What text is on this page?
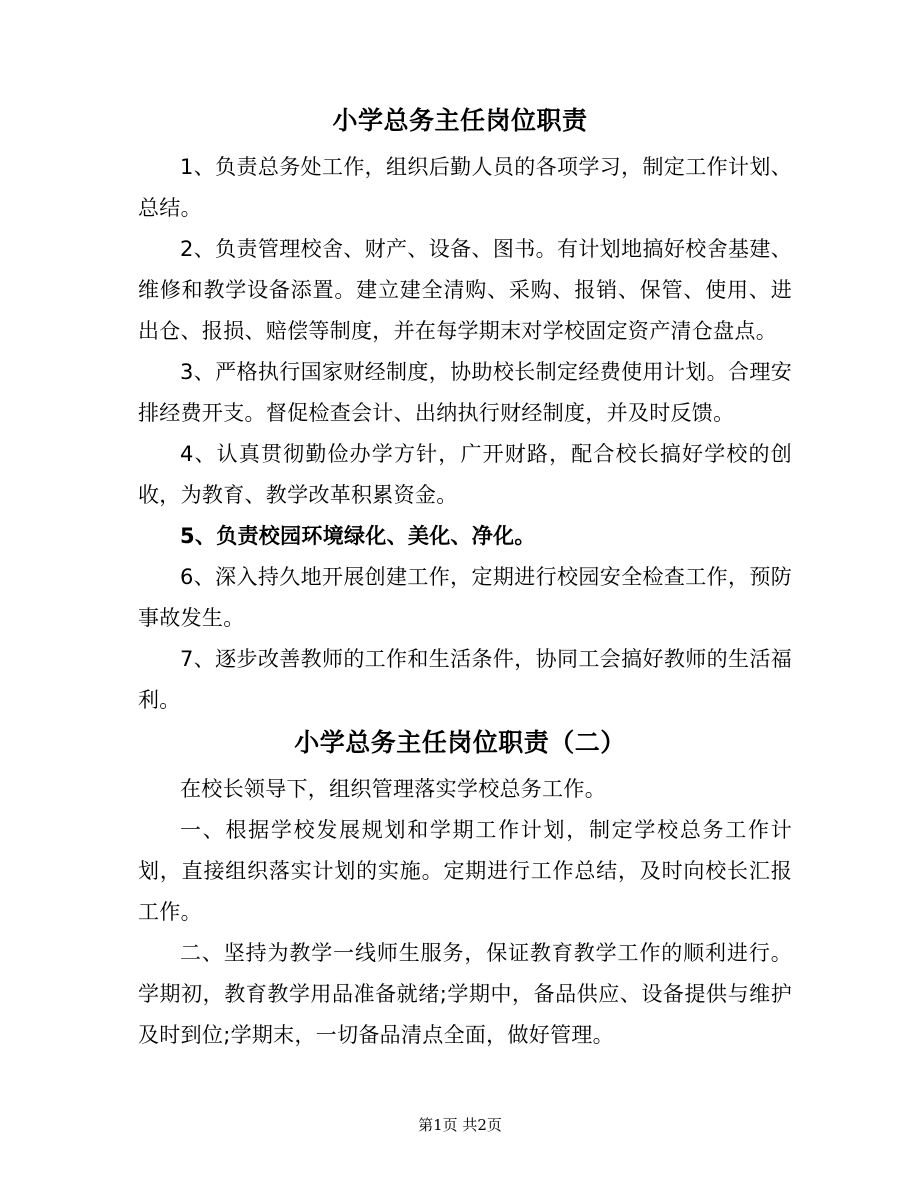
小学总务主任岗位职责
1、负责总务处工作，组织后勤人员的各项学习，制定工作计划、总结。
2、负责管理校舍、财产、设备、图书。有计划地搞好校舍基建、维修和教学设备添置。建立建全清购、采购、报销、保管、使用、进出仓、报损、赔偿等制度，并在每学期末对学校固定资产清仓盘点。
3、严格执行国家财经制度，协助校长制定经费使用计划。合理安排经费开支。督促检查会计、出纳执行财经制度，并及时反馈。
4、认真贯彻勤俭办学方针，广开财路，配合校长搞好学校的创收，为教育、教学改革积累资金。
5、负责校园环境绿化、美化、净化。
6、深入持久地开展创建工作，定期进行校园安全检查工作，预防事故发生。
7、逐步改善教师的工作和生活条件，协同工会搞好教师的生活福利。
小学总务主任岗位职责（二）
在校长领导下，组织管理落实学校总务工作。
一、根据学校发展规划和学期工作计划，制定学校总务工作计划，直接组织落实计划的实施。定期进行工作总结，及时向校长汇报工作。
二、坚持为教学一线师生服务，保证教育教学工作的顺利进行。学期初，教育教学用品准备就绪;学期中，备品供应、设备提供与维护及时到位;学期末，一切备品清点全面，做好管理。
第1页 共2页
